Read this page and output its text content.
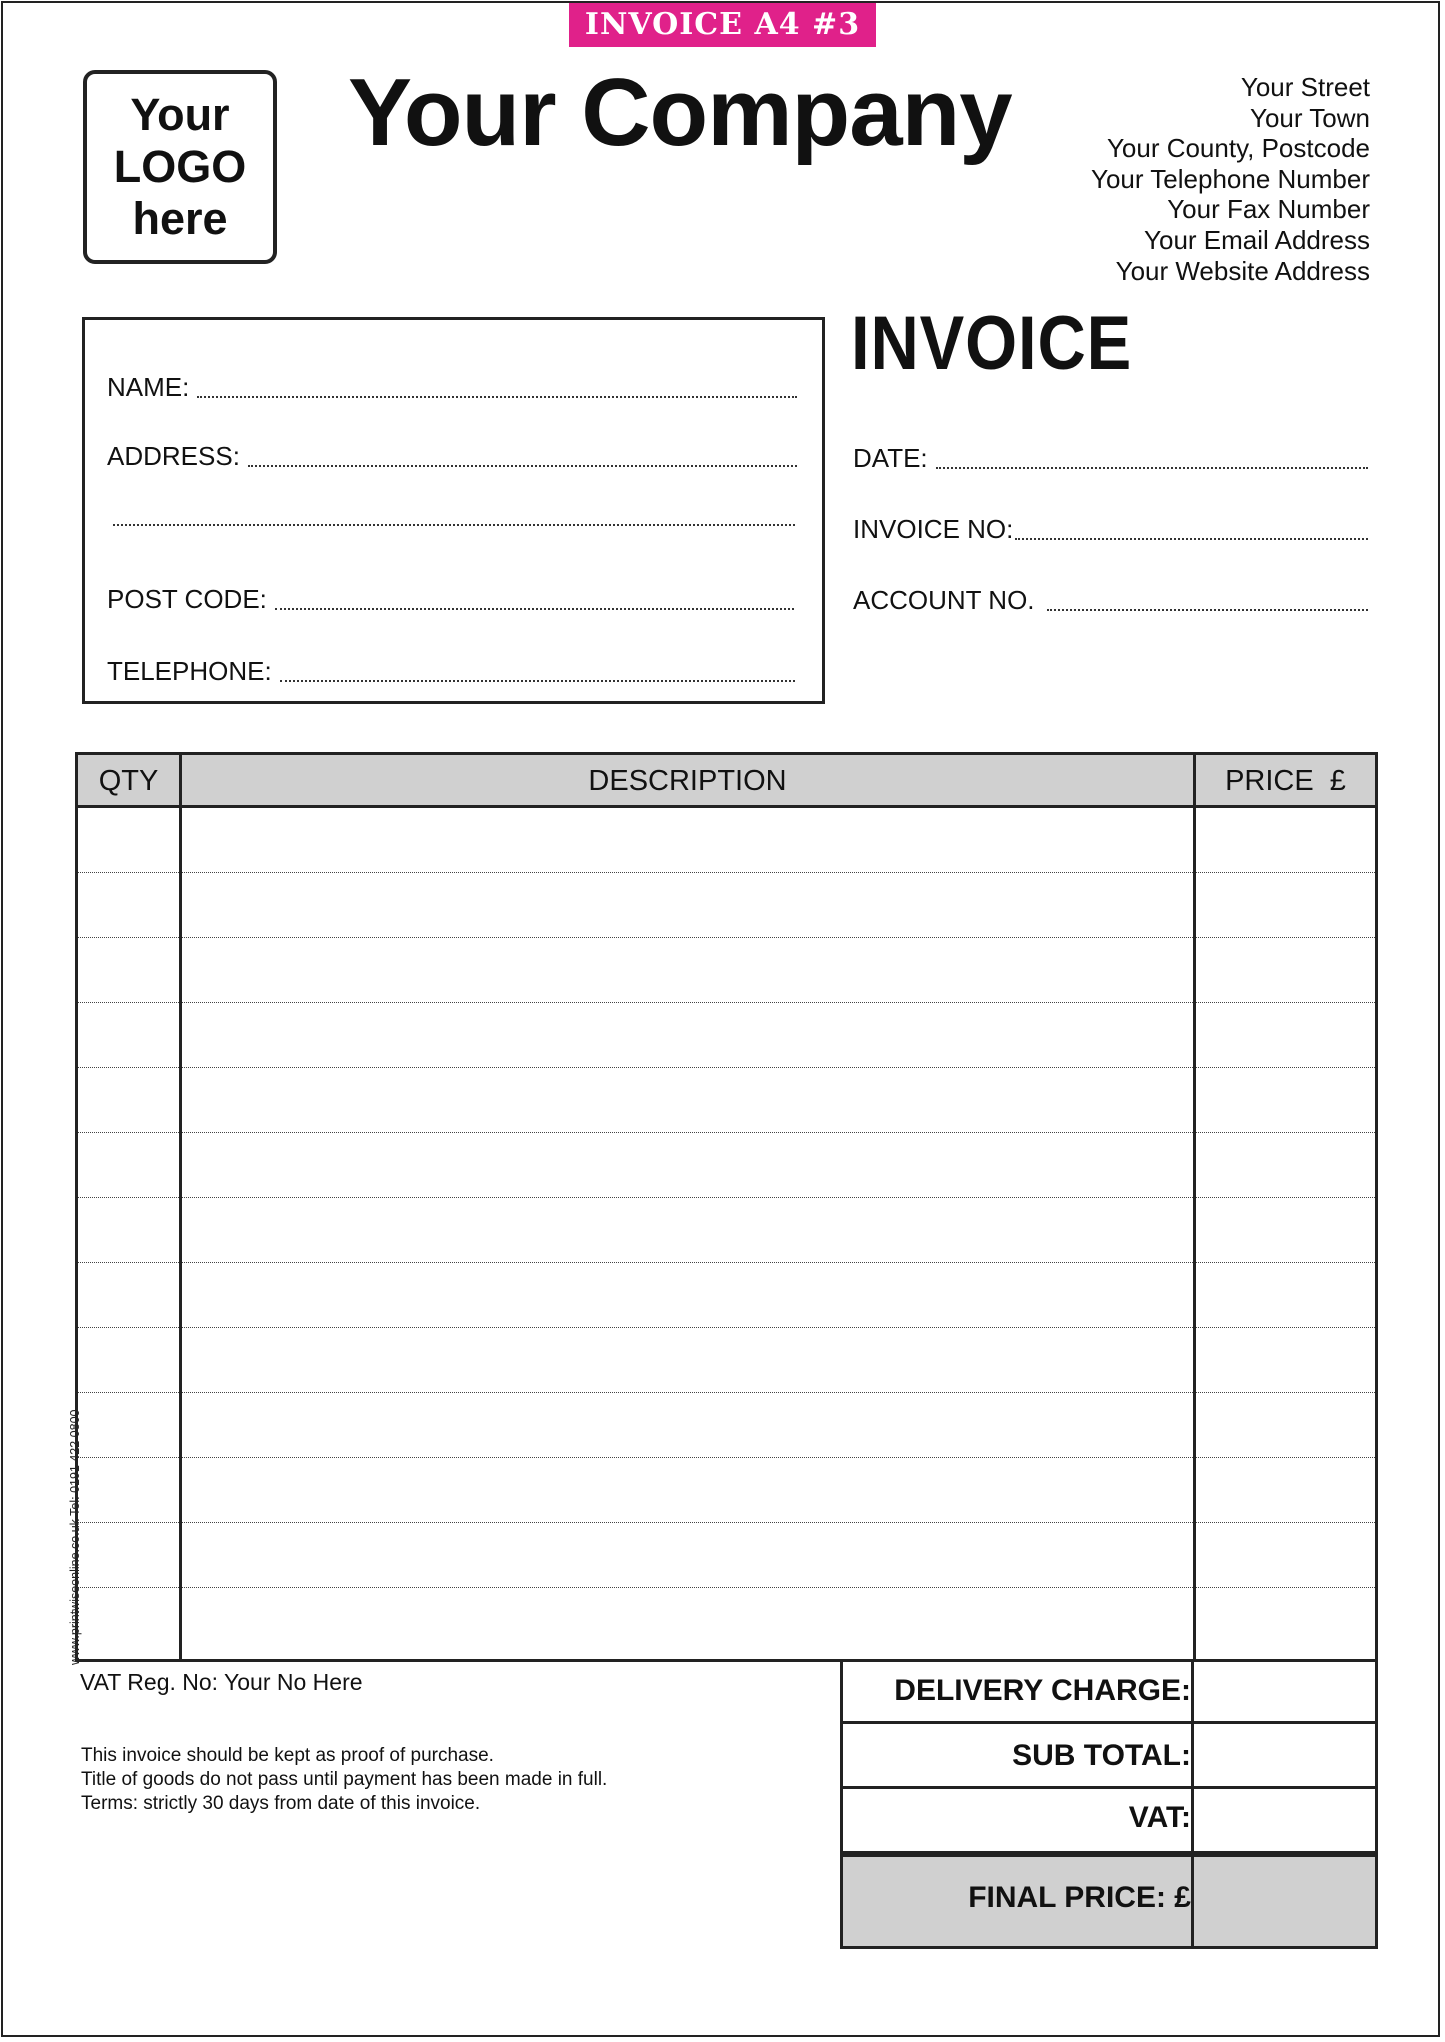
INVOICE A4 #3
Your
LOGO
here
Your Company	Your Street
Your Town
Your County, Postcode
Your Telephone Number
Your Fax Number
Your Email Address
Your Website Address
NAME:
ADDRESS:
POST CODE:
TELEPHONE:
INVOICE
DATE:
INVOICE NO:
ACCOUNT NO.
QTY	DESCRIPTION	PRICE  £
VAT Reg. No: Your No Here
This invoice should be kept as proof of purchase.
Title of goods do not pass until payment has been made in full.
Terms: strictly 30 days from date of this invoice.
DELIVERY CHARGE:
SUB TOTAL:
VAT:
FINAL PRICE: £
www.printwiseonline.co.uk Tel: 0191 422 0800
